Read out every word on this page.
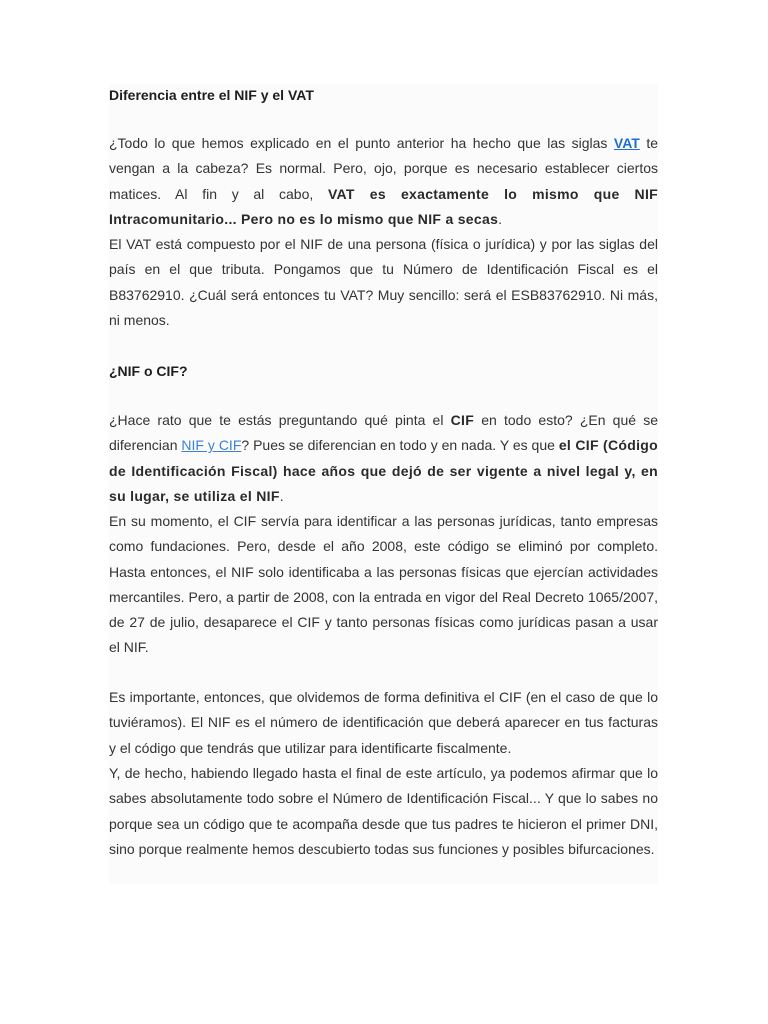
Diferencia entre el NIF y el VAT

¿Todo lo que hemos explicado en el punto anterior ha hecho que las siglas VAT te vengan a la cabeza? Es normal. Pero, ojo, porque es necesario establecer ciertos matices. Al fin y al cabo, VAT es exactamente lo mismo que NIF Intracomunitario... Pero no es lo mismo que NIF a secas.

El VAT está compuesto por el NIF de una persona (física o jurídica) y por las siglas del país en el que tributa. Pongamos que tu Número de Identificación Fiscal es el B83762910. ¿Cuál será entonces tu VAT? Muy sencillo: será el ESB83762910. Ni más, ni menos.

¿NIF o CIF?

¿Hace rato que te estás preguntando qué pinta el CIF en todo esto? ¿En qué se diferencian NIF y CIF? Pues se diferencian en todo y en nada. Y es que el CIF (Código de Identificación Fiscal) hace años que dejó de ser vigente a nivel legal y, en su lugar, se utiliza el NIF.

En su momento, el CIF servía para identificar a las personas jurídicas, tanto empresas como fundaciones. Pero, desde el año 2008, este código se eliminó por completo. Hasta entonces, el NIF solo identificaba a las personas físicas que ejercían actividades mercantiles. Pero, a partir de 2008, con la entrada en vigor del Real Decreto 1065/2007, de 27 de julio, desaparece el CIF y tanto personas físicas como jurídicas pasan a usar el NIF.

Es importante, entonces, que olvidemos de forma definitiva el CIF (en el caso de que lo tuviéramos). El NIF es el número de identificación que deberá aparecer en tus facturas y el código que tendrás que utilizar para identificarte fiscalmente.

Y, de hecho, habiendo llegado hasta el final de este artículo, ya podemos afirmar que lo sabes absolutamente todo sobre el Número de Identificación Fiscal... Y que lo sabes no porque sea un código que te acompaña desde que tus padres te hicieron el primer DNI, sino porque realmente hemos descubierto todas sus funciones y posibles bifurcaciones.
